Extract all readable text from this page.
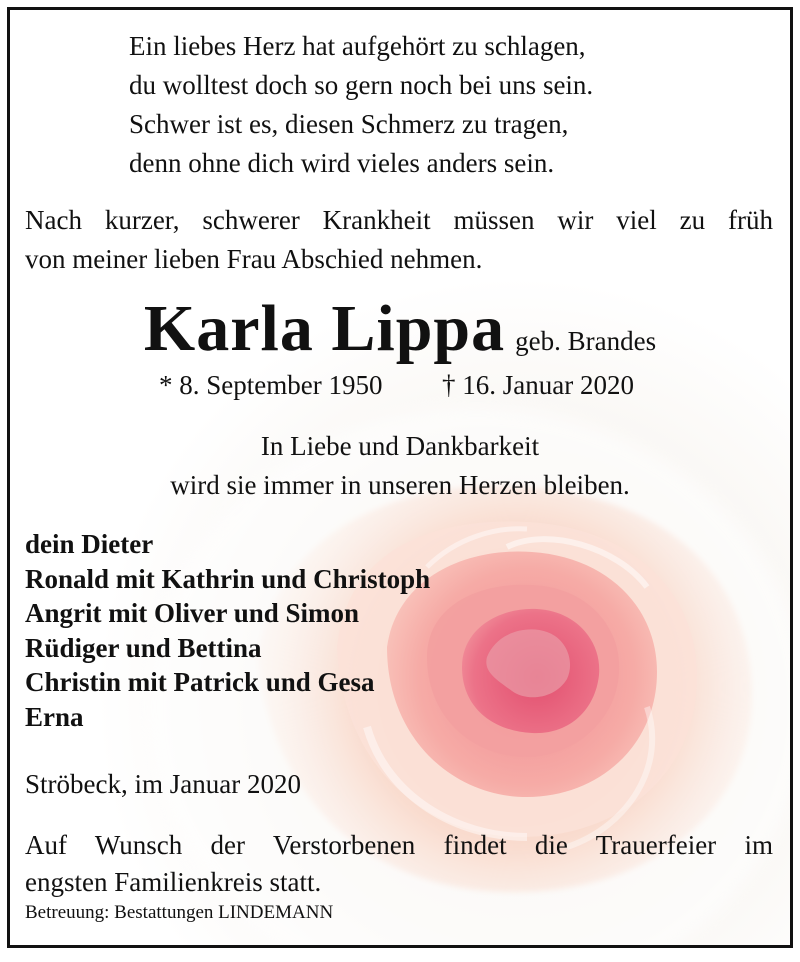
Ein liebes Herz hat aufgehört zu schlagen,
du wolltest doch so gern noch bei uns sein.
Schwer ist es, diesen Schmerz zu tragen,
denn ohne dich wird vieles anders sein.
Nach kurzer, schwerer Krankheit müssen wir viel zu früh
von meiner lieben Frau Abschied nehmen.
Karla Lippa geb. Brandes
* 8. September 1950 † 16. Januar 2020
In Liebe und Dankbarkeit
wird sie immer in unseren Herzen bleiben.
dein Dieter
Ronald mit Kathrin und Christoph
Angrit mit Oliver und Simon
Rüdiger und Bettina
Christin mit Patrick und Gesa
Erna
Ströbeck, im Januar 2020
Auf Wunsch der Verstorbenen findet die Trauerfeier im
engsten Familienkreis statt.
Betreuung: Bestattungen LINDEMANN
